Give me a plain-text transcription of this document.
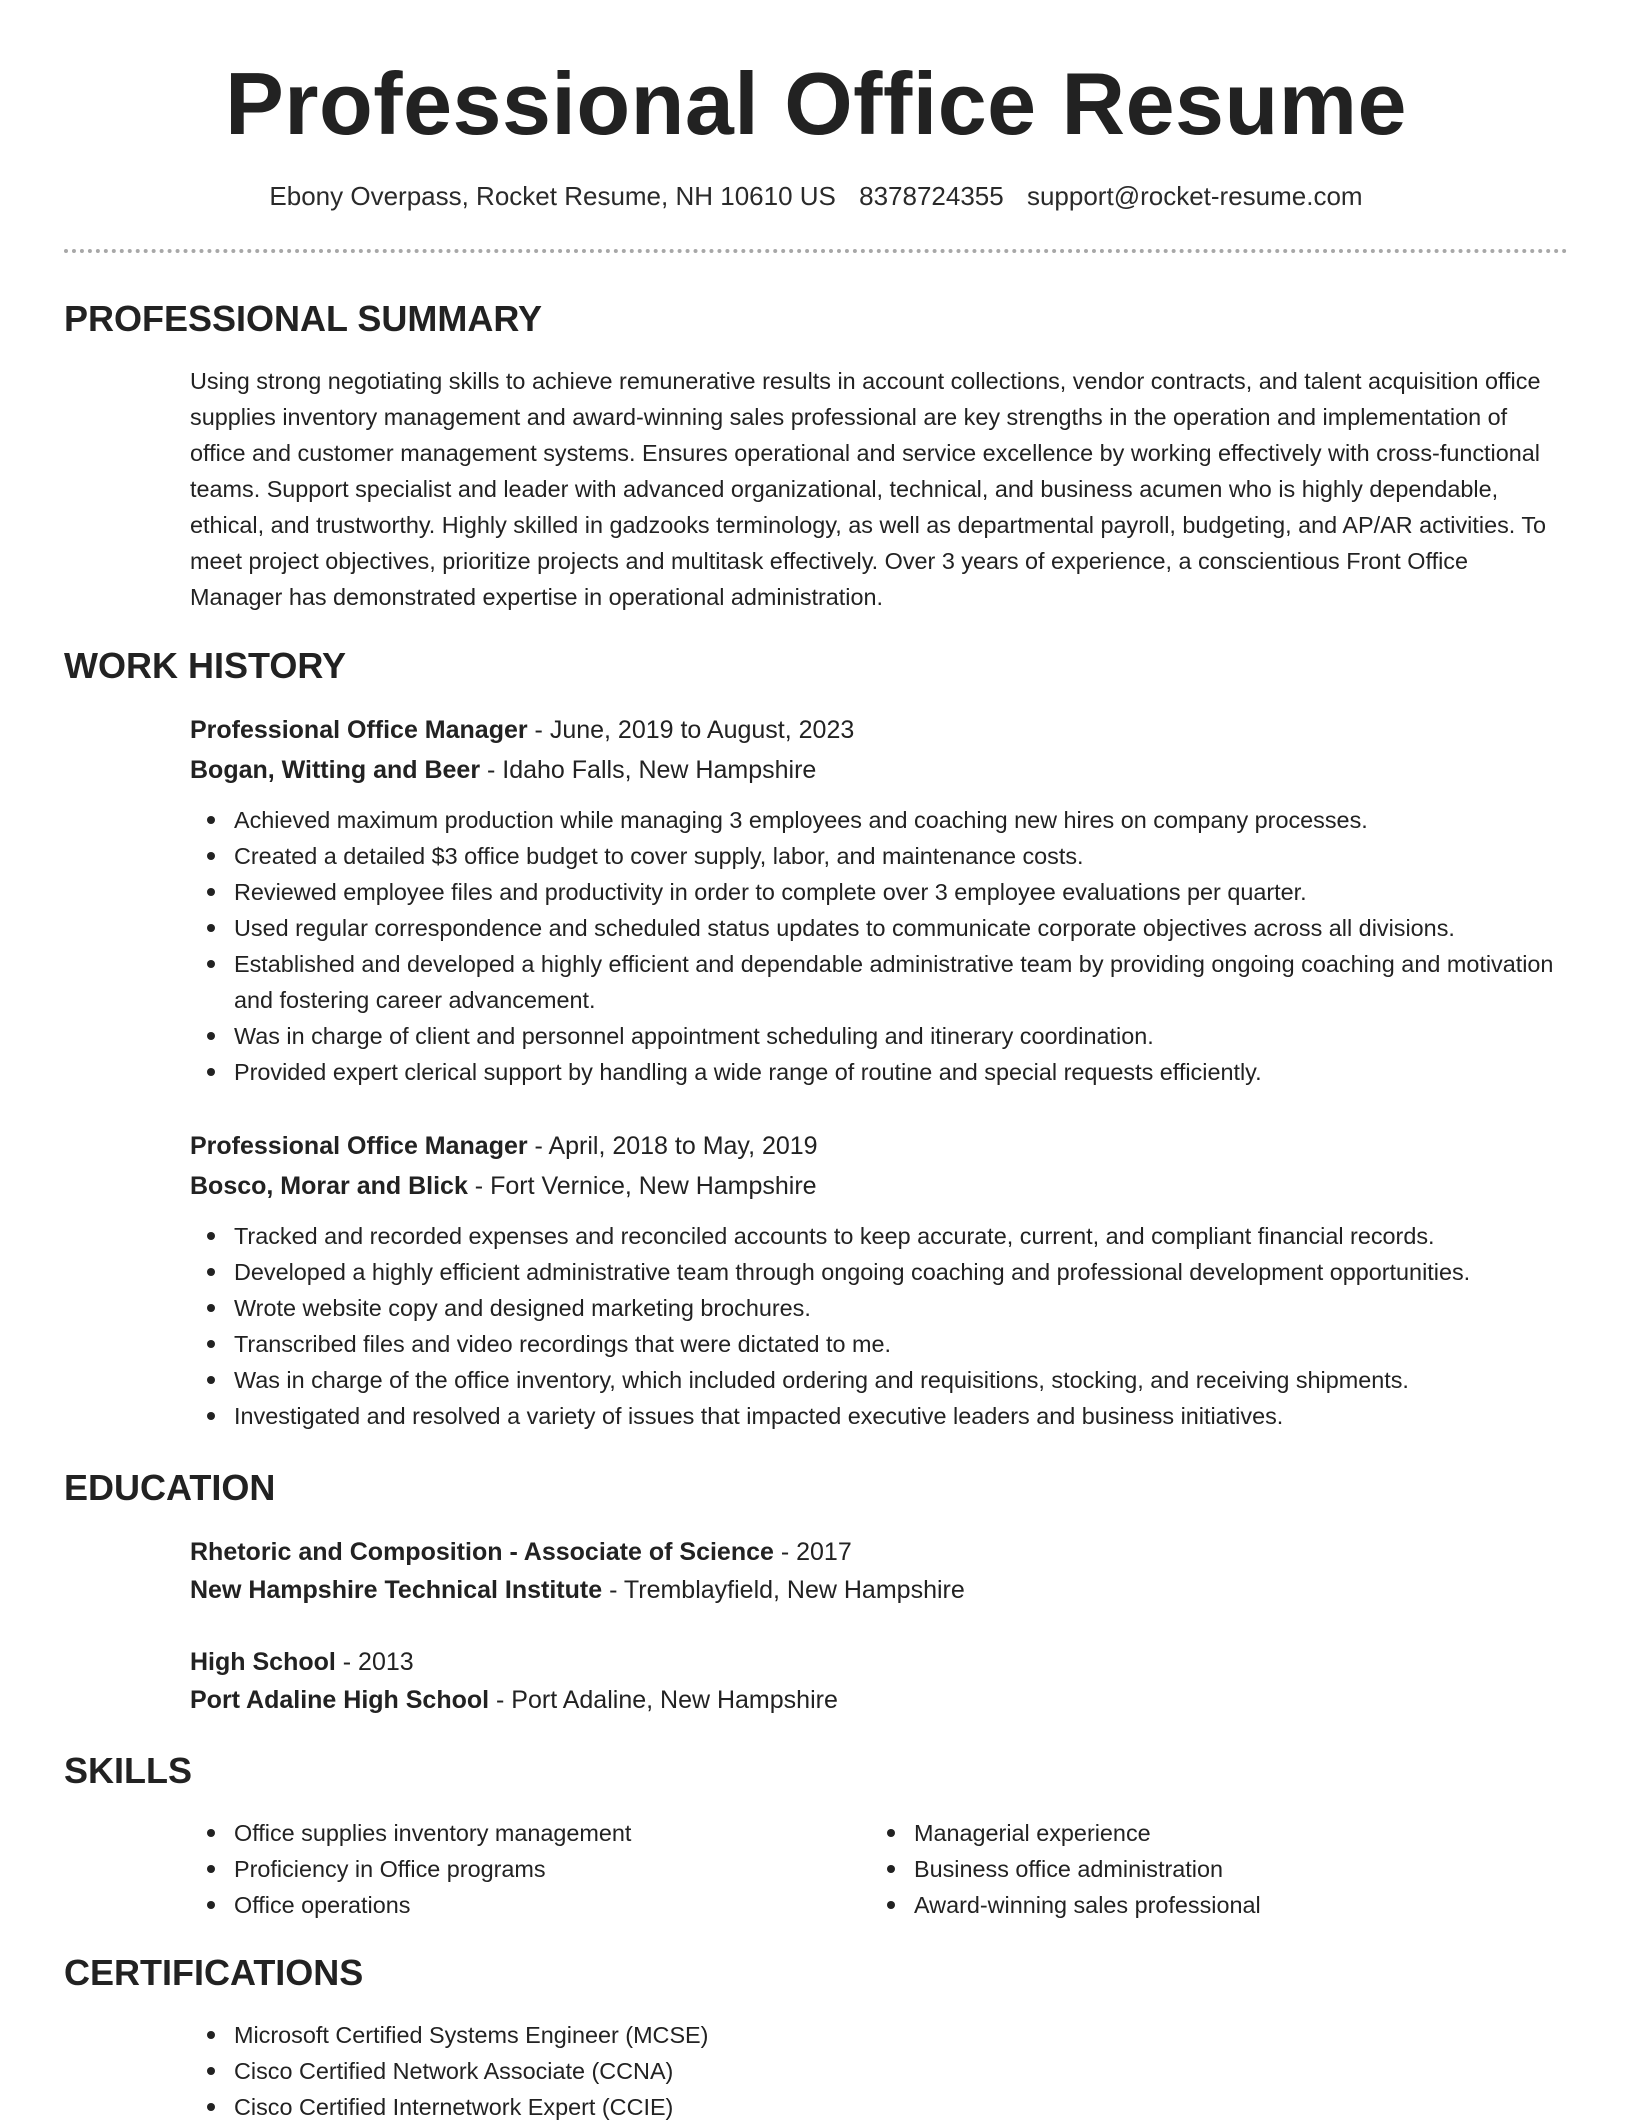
Professional Office Resume
Ebony Overpass, Rocket Resume, NH 10610 US 8378724355 support@rocket-resume.com
PROFESSIONAL SUMMARY

Using strong negotiating skills to achieve remunerative results in account collections, vendor contracts, and talent acquisition office supplies inventory management and award-winning sales professional are key strengths in the operation and implementation of office and customer management systems. Ensures operational and service excellence by working effectively with cross-functional teams. Support specialist and leader with advanced organizational, technical, and business acumen who is highly dependable, ethical, and trustworthy. Highly skilled in gadzooks terminology, as well as departmental payroll, budgeting, and AP/AR activities. To meet project objectives, prioritize projects and multitask effectively. Over 3 years of experience, a conscientious Front Office Manager has demonstrated expertise in operational administration.

WORK HISTORY

Professional Office Manager - June, 2019 to August, 2023

Bogan, Witting and Beer - Idaho Falls, New Hampshire

Achieved maximum production while managing 3 employees and coaching new hires on company processes.
Created a detailed $3 office budget to cover supply, labor, and maintenance costs.
Reviewed employee files and productivity in order to complete over 3 employee evaluations per quarter.
Used regular correspondence and scheduled status updates to communicate corporate objectives across all divisions.
Established and developed a highly efficient and dependable administrative team by providing ongoing coaching and motivation and fostering career advancement.
Was in charge of client and personnel appointment scheduling and itinerary coordination.
Provided expert clerical support by handling a wide range of routine and special requests efficiently.

Professional Office Manager - April, 2018 to May, 2019

Bosco, Morar and Blick - Fort Vernice, New Hampshire

Tracked and recorded expenses and reconciled accounts to keep accurate, current, and compliant financial records.
Developed a highly efficient administrative team through ongoing coaching and professional development opportunities.
Wrote website copy and designed marketing brochures.
Transcribed files and video recordings that were dictated to me.
Was in charge of the office inventory, which included ordering and requisitions, stocking, and receiving shipments.
Investigated and resolved a variety of issues that impacted executive leaders and business initiatives.
EDUCATION

Rhetoric and Composition - Associate of Science - 2017

New Hampshire Technical Institute - Tremblayfield, New Hampshire

High School - 2013

Port Adaline High School - Port Adaline, New Hampshire

SKILLS
Office supplies inventory management
Proficiency in Office programs
Office operations
Managerial experience
Business office administration
Award-winning sales professional
CERTIFICATIONS
Microsoft Certified Systems Engineer (MCSE)
Cisco Certified Network Associate (CCNA)
Cisco Certified Internetwork Expert (CCIE)
